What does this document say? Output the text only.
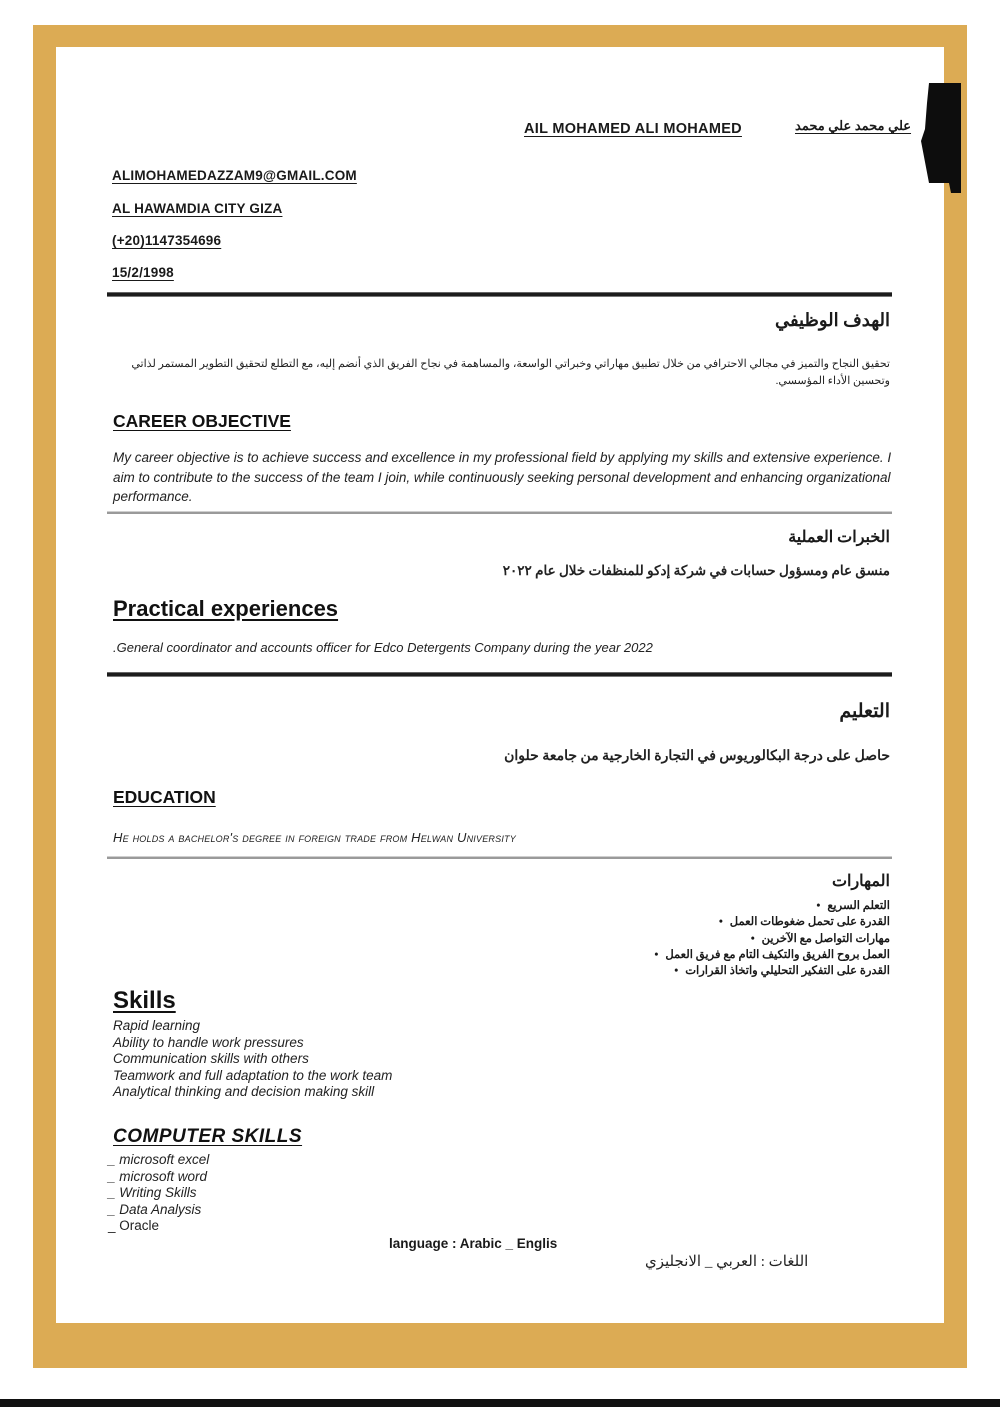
AIL MOHAMED ALI MOHAMED	علي محمد علي محمد
ALIMOHAMEDAZZAM9@GMAIL.COM
AL HAWAMDIA CITY GIZA
(+20)1147354696
15/2/1998
الهدف الوظيفي
تحقيق النجاح والتميز في مجالي الاحترافي من خلال تطبيق مهاراتي وخبراتي الواسعة، والمساهمة في نجاح الفريق الذي أنضم إليه، مع التطلع لتحقيق التطوير المستمر لذاتي وتحسين الأداء المؤسسي.
CAREER OBJECTIVE
My career objective is to achieve success and excellence in my professional field by applying my skills and extensive experience. I aim to contribute to the success of the team I join, while continuously seeking personal development and enhancing organizational performancе.
الخبرات العملية
منسق عام ومسؤول حسابات في شركة إدكو للمنظفات خلال عام ٢٠٢٢
Practical experiences
.General coordinator and accounts officer for Edco Detergents Company during the year 2022
التعليم
حاصل على درجة البكالوريوس في التجارة الخارجية من جامعة حلوان
EDUCATION
He holds a bachelor's degree in foreign trade from Helwan University
المهارات
التعلم السريع •
القدرة على تحمل ضغوطات العمل •
مهارات التواصل مع الآخرين •
العمل بروح الفريق والتكيف التام مع فريق العمل •
القدرة على التفكير التحليلي واتخاذ القرارات •
Skills
Rapid learning
Ability to handle work pressures
Communication skills with others
Teamwork and full adaptation to the work team
Analytical thinking and decision making skill
COMPUTER SKILLS
_ microsoft excel
_ microsoft word
_ Writing Skills
_ Data Analysis
_ Oracle
language : Arabic _ Englis
اللغات : العربي _ الانجليزي
